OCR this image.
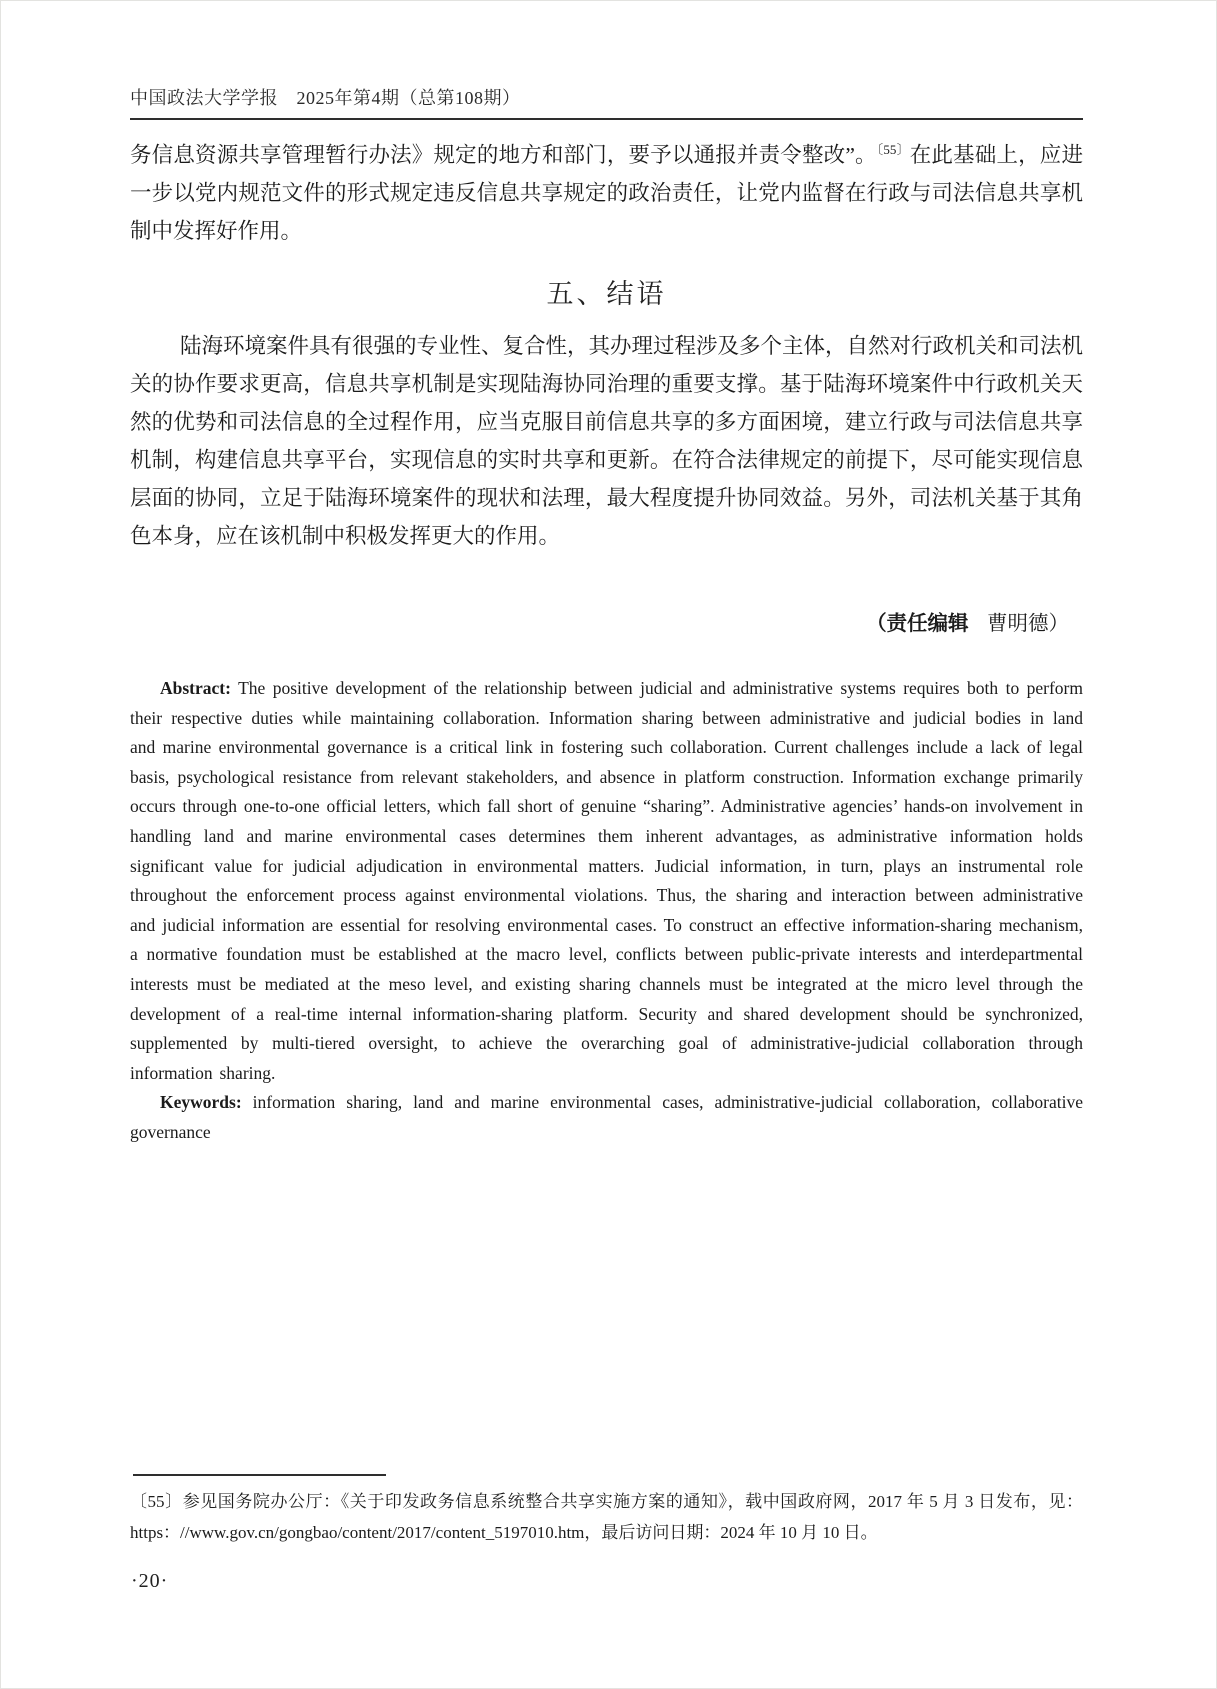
中国政法大学学报　2025年第4期（总第108期）
务信息资源共享管理暂行办法》规定的地方和部门，要予以通报并责令整改”。$^{〔55〕}$在此基础上，应进一步以党内规范文件的形式规定违反信息共享规定的政治责任，让党内监督在行政与司法信息共享机制中发挥好作用。
五、结语
陆海环境案件具有很强的专业性、复合性，其办理过程涉及多个主体，自然对行政机关和司法机关的协作要求更高，信息共享机制是实现陆海协同治理的重要支撑。基于陆海环境案件中行政机关天然的优势和司法信息的全过程作用，应当克服目前信息共享的多方面困境，建立行政与司法信息共享机制，构建信息共享平台，实现信息的实时共享和更新。在符合法律规定的前提下，尽可能实现信息层面的协同，立足于陆海环境案件的现状和法理，最大程度提升协同效益。另外，司法机关基于其角色本身，应在该机制中积极发挥更大的作用。
（责任编辑 曹明德）

Abstract: The positive development of the relationship between judicial and administrative systems requires both to perform their respective duties while maintaining collaboration. Information sharing between administrative and judicial bodies in land and marine environmental governance is a critical link in fostering such collaboration. Current challenges include a lack of legal basis, psychological resistance from relevant stakeholders, and absence in platform construction. Information exchange primarily occurs through one-to-one official letters, which fall short of genuine “sharing”. Administrative agencies’ hands-on involvement in handling land and marine environmental cases determines them inherent advantages, as administrative information holds significant value for judicial adjudication in environmental matters. Judicial information, in turn, plays an instrumental role throughout the enforcement process against environmental violations. Thus, the sharing and interaction between administrative and judicial information are essential for resolving environmental cases. To construct an effective information-sharing mechanism, a normative foundation must be established at the macro level, conflicts between public-private interests and interdepartmental interests must be mediated at the meso level, and existing sharing channels must be integrated at the micro level through the development of a real-time internal information-sharing platform. Security and shared development should be synchronized, supplemented by multi-tiered oversight, to achieve the overarching goal of administrative-judicial collaboration through information sharing.

Keywords: information sharing, land and marine environmental cases, administrative-judicial collaboration, collaborative governance

〔55〕参见国务院办公厅：《关于印发政务信息系统整合共享实施方案的通知》，载中国政府网，2017 年 5 月 3 日发布，见：https：//www.gov.cn/gongbao/content/2017/content_5197010.htm，最后访问日期：2024 年 10 月 10 日。
·20·
